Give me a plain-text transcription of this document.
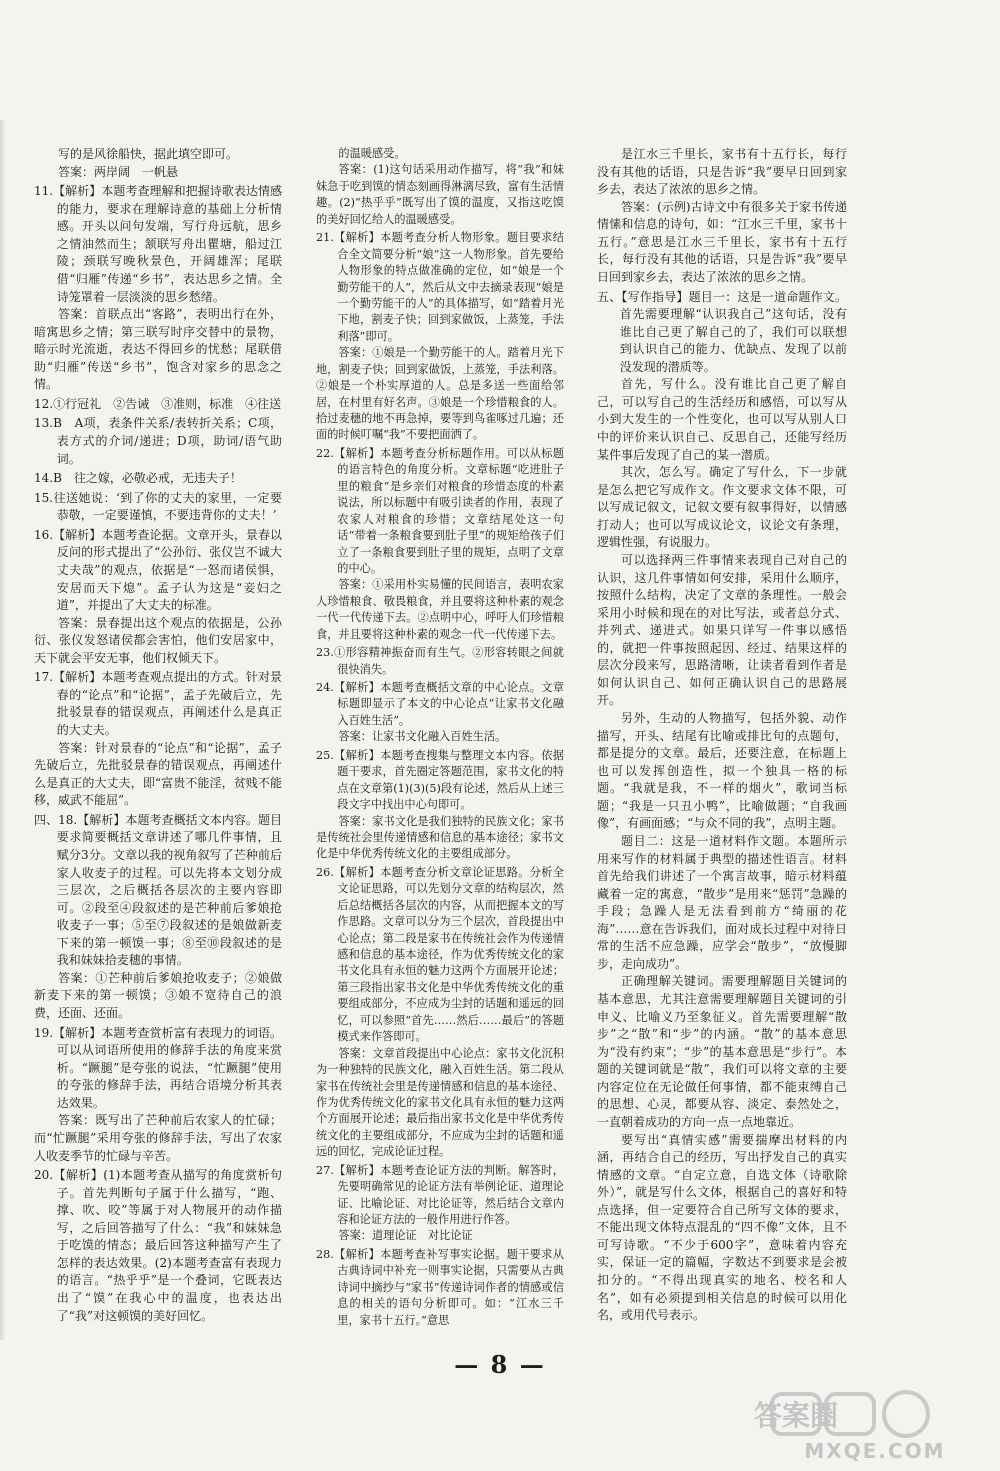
写的是风徐船快，据此填空即可。

答案：两岸阔　一帆悬

11.【解析】本题考查理解和把握诗歌表达情感的能力，要求在理解诗意的基础上分析情感。开头以问句发端，写行舟远航，思乡之情油然而生；颔联写舟出瞿塘，船过江陵；颈联写晚秋景色，开阔雄浑；尾联借“归雁”传递“乡书”，表达思乡之情。全诗笼罩着一层淡淡的思乡愁绪。

答案：首联点出“客路”，表明出行在外，暗寓思乡之情；第三联写时序交替中的景物，暗示时光流逝，表达不得回乡的忧愁；尾联借助“归雁”传送“乡书”，饱含对家乡的思念之情。

12.①行冠礼　②告诫　③准则，标准　④往送

13.B　A项，表条件关系/表转折关系；C项，表方式的介词/递进；D项，助词/语气助词。

14.B　往之嫁，必敬必戒，无违夫子！

15.往送她说：‘到了你的丈夫的家里，一定要恭敬，一定要谨慎，不要违背你的丈夫！’

16.【解析】本题考查论据。文章开头，景春以反问的形式提出了“公孙衍、张仪岂不诚大丈夫哉”的观点，依据是“一怒而诸侯惧，安居而天下熄”。孟子认为这是“妾妇之道”，并提出了大丈夫的标准。

答案：景春提出这个观点的依据是，公孙衍、张仪发怒诸侯都会害怕，他们安居家中，天下就会平安无事，他们权倾天下。

17.【解析】本题考查观点提出的方式。针对景春的“论点”和“论据”，孟子先破后立，先批驳景春的错误观点，再阐述什么是真正的大丈夫。

答案：针对景春的“论点”和“论据”，孟子先破后立，先批驳景春的错误观点，再阐述什么是真正的大丈夫，即“富贵不能淫，贫贱不能移，威武不能屈”。

四、18.【解析】本题考查概括文本内容。题目要求简要概括文章讲述了哪几件事情，且赋分3分。文章以我的视角叙写了芒种前后家人收麦子的过程。可以先将本文划分成三层次，之后概括各层次的主要内容即可。②段至④段叙述的是芒种前后爹娘抢收麦子一事；⑤至⑦段叙述的是娘做新麦下来的第一顿馍一事；⑧至⑩段叙述的是我和妹妹拾麦穗的事情。

答案：①芒种前后爹娘抢收麦子；②娘做新麦下来的第一顿馍；③娘不宽待自己的浪费，还面、还面。

19.【解析】本题考查赏析富有表现力的词语。可以从词语所使用的修辞手法的角度来赏析。“蹶腿”是夸张的说法，“忙蹶腿”使用的夸张的修辞手法，再结合语境分析其表达效果。

答案：既写出了芒种前后农家人的忙碌；而“忙蹶腿”采用夸张的修辞手法，写出了农家人收麦季节的忙碌与辛苦。

20.【解析】(1)本题考查从描写的角度赏析句子。首先判断句子属于什么描写，“跑、撑、吹、咬”等属于对人物展开的动作描写，之后回答描写了什么：“我”和妹妹急于吃馍的情态；最后回答这种描写产生了怎样的表达效果。(2)本题考查富有表现力的语言。“热乎乎”是一个叠词，它既表达出了“馍”在我心中的温度，也表达出了“我”对这顿馍的美好回忆。

的温暖感受。

答案：(1)这句话采用动作描写，将“我”和妹妹急于吃到馍的情态刻画得淋漓尽致，富有生活情趣。(2)“热乎乎”既写出了馍的温度，又指这吃馍的美好回忆给人的温暖感受。

21.【解析】本题考查分析人物形象。题目要求结合全文简要分析“娘”这一人物形象。首先要给人物形象的特点做准确的定位，如“娘是一个勤劳能干的人”，然后从文中去摘录表现“娘是一个勤劳能干的人”的具体描写，如“踏着月光下地，割麦子快；回到家做饭，上蒸笼，手法利落”即可。

答案：①娘是一个勤劳能干的人。踏着月光下地，割麦子快；回到家做饭，上蒸笼，手法利落。②娘是一个朴实厚道的人。总是多送一些面给邻居，在村里有好名声。③娘是一个珍惜粮食的人。拾过麦穗的地不再急掉，要等到鸟雀啄过几遍；还面的时候叮嘱“我”不要把面洒了。

22.【解析】本题考查分析标题作用。可以从标题的语言特色的角度分析。文章标题“吃进肚子里的粮食”是乡亲们对粮食的珍惜态度的朴素说法，所以标题中有吸引读者的作用，表现了农家人对粮食的珍惜；文章结尾处这一句话“带着一条粮食要到肚子里”的规矩给孩子们立了一条粮食要到肚子里的规矩，点明了文章的中心。

答案：①采用朴实易懂的民间语言，表明农家人珍惜粮食、敬畏粮食，并且要将这种朴素的观念一代一代传递下去。②点明中心，呼吁人们珍惜粮食，并且要将这种朴素的观念一代一代传递下去。

23.①形容精神振奋而有生气。②形容转眼之间就很快消失。

24.【解析】本题考查概括文章的中心论点。文章标题即显示了本文的中心论点“让家书文化融入百姓生活”。

答案：让家书文化融入百姓生活。

25.【解析】本题考查搜集与整理文本内容。依据题干要求，首先圈定答题范围，家书文化的特点在文章第(1)(3)(5)段有论述，然后从上述三段文字中找出中心句即可。

答案：家书文化是我们独特的民族文化；家书是传统社会里传递情感和信息的基本途径；家书文化是中华优秀传统文化的主要组成部分。

26.【解析】本题考查分析文章论证思路。分析全文论证思路，可以先划分文章的结构层次，然后总结概括各层次的内容，从而把握本文的写作思路。文章可以分为三个层次，首段提出中心论点；第二段是家书在传统社会作为传递情感和信息的基本途径，作为优秀传统文化的家书文化具有永恒的魅力这两个方面展开论述；第三段指出家书文化是中华优秀传统文化的重要组成部分，不应成为尘封的话题和遥远的回忆，可以参照“首先……然后……最后”的答题模式来作答即可。

答案：文章首段提出中心论点：家书文化沉积为一种独特的民族文化，融入百姓生活。第二段从家书在传统社会里是传递情感和信息的基本途径、作为优秀传统文化的家书文化具有永恒的魅力这两个方面展开论述；最后指出家书文化是中华优秀传统文化的主要组成部分，不应成为尘封的话题和遥远的回忆，完成论证过程。

27.【解析】本题考查论证方法的判断。解答时，先要明确常见的论证方法有举例论证、道理论证、比喻论证、对比论证等，然后结合文章内容和论证方法的一般作用进行作答。

答案：道理论证　对比论证

28.【解析】本题考查补写事实论据。题干要求从古典诗词中补充一则事实论据，只需要从古典诗词中摘抄与“家书”传递诗词作者的情感或信息的相关的语句分析即可。如：“江水三千里，家书十五行。”意思

是江水三千里长，家书有十五行长，每行没有其他的话语，只是告诉“我”要早日回到家乡去，表达了浓浓的思乡之情。

答案：(示例)古诗文中有很多关于家书传递情愫和信息的诗句，如：“江水三千里，家书十五行。”意思是江水三千里长，家书有十五行长，每行没有其他的话语，只是告诉“我”要早日回到家乡去，表达了浓浓的思乡之情。

五、【写作指导】题目一：这是一道命题作文。首先需要理解“认识我自己”这句话，没有谁比自己更了解自己的了，我们可以联想到认识自己的能力、优缺点、发现了以前没发现的潜质等。

首先，写什么。没有谁比自己更了解自己，可以写自己的生活经历和感悟，可以写从小到大发生的一个性变化，也可以写从别人口中的评价来认识自己、反思自己，还能写经历某件事后发现了自己的某一潜质。

其次，怎么写。确定了写什么，下一步就是怎么把它写成作文。作文要求文体不限，可以写成记叙文，记叙文要有叙事得好，以情感打动人；也可以写成议论文，议论文有条理，逻辑性强，有说服力。

可以选择两三件事情来表现自己对自己的认识，这几件事情如何安排，采用什么顺序，按照什么结构，决定了文章的条理性。一般会采用小时候和现在的对比写法，或者总分式、并列式、递进式。如果只详写一件事以感悟的，就把一件事按照起因、经过、结果这样的层次分段来写，思路清晰，让读者看到作者是如何认识自己、如何正确认识自己的思路展开。

另外，生动的人物描写，包括外貌、动作描写，开头、结尾有比喻或排比句的点题句，都是提分的文章。最后，还要注意，在标题上也可以发挥创造性，拟一个独具一格的标题。“我就是我，不一样的烟火”，歌词当标题；“我是一只丑小鸭”，比喻做题；“自我画像”，有画面感；“与众不同的我”，点明主题。

题目二：这是一道材料作文题。本题所示用来写作的材料属于典型的描述性语言。材料首先给我们讲述了一个寓言故事，暗示材料蕴藏着一定的寓意，“散步”是用来“惩罚”急躁的手段；急躁人是无法看到前方“绮丽的花海”……意在告诉我们，面对成长过程中对待日常的生活不应急躁，应学会“散步”，“放慢脚步，走向成功”。

正确理解关键词。需要理解题目关键词的基本意思，尤其注意需要理解题目关键词的引申义、比喻义乃至象征义。首先需要理解“散步”之“散”和“步”的内涵。“散”的基本意思为“没有约束”；“步”的基本意思是“步行”。本题的关键词就是“散”，我们可以将文章的主要内容定位在无论做任何事情，都不能束缚自己的思想、心灵，都要从容、淡定、泰然处之，一直朝着成功的方向一点一点地靠近。

要写出“真情实感”需要揣摩出材料的内涵，再结合自己的经历，写出抒发自己的真实情感的文章。“自定立意，自选文体（诗歌除外）”，就是写什么文体，根据自己的喜好和特点选择，但一定要符合自己所写文体的要求，不能出现文体特点混乱的“四不像”文体，且不可写诗歌。“不少于600字”，意味着内容充实，保证一定的篇幅，字数达不到要求是会被扣分的。“不得出现真实的地名、校名和人名”，如有必须提到相关信息的时候可以用化名，或用代号表示。

— 8 —
答案圈
MXQE.COM
